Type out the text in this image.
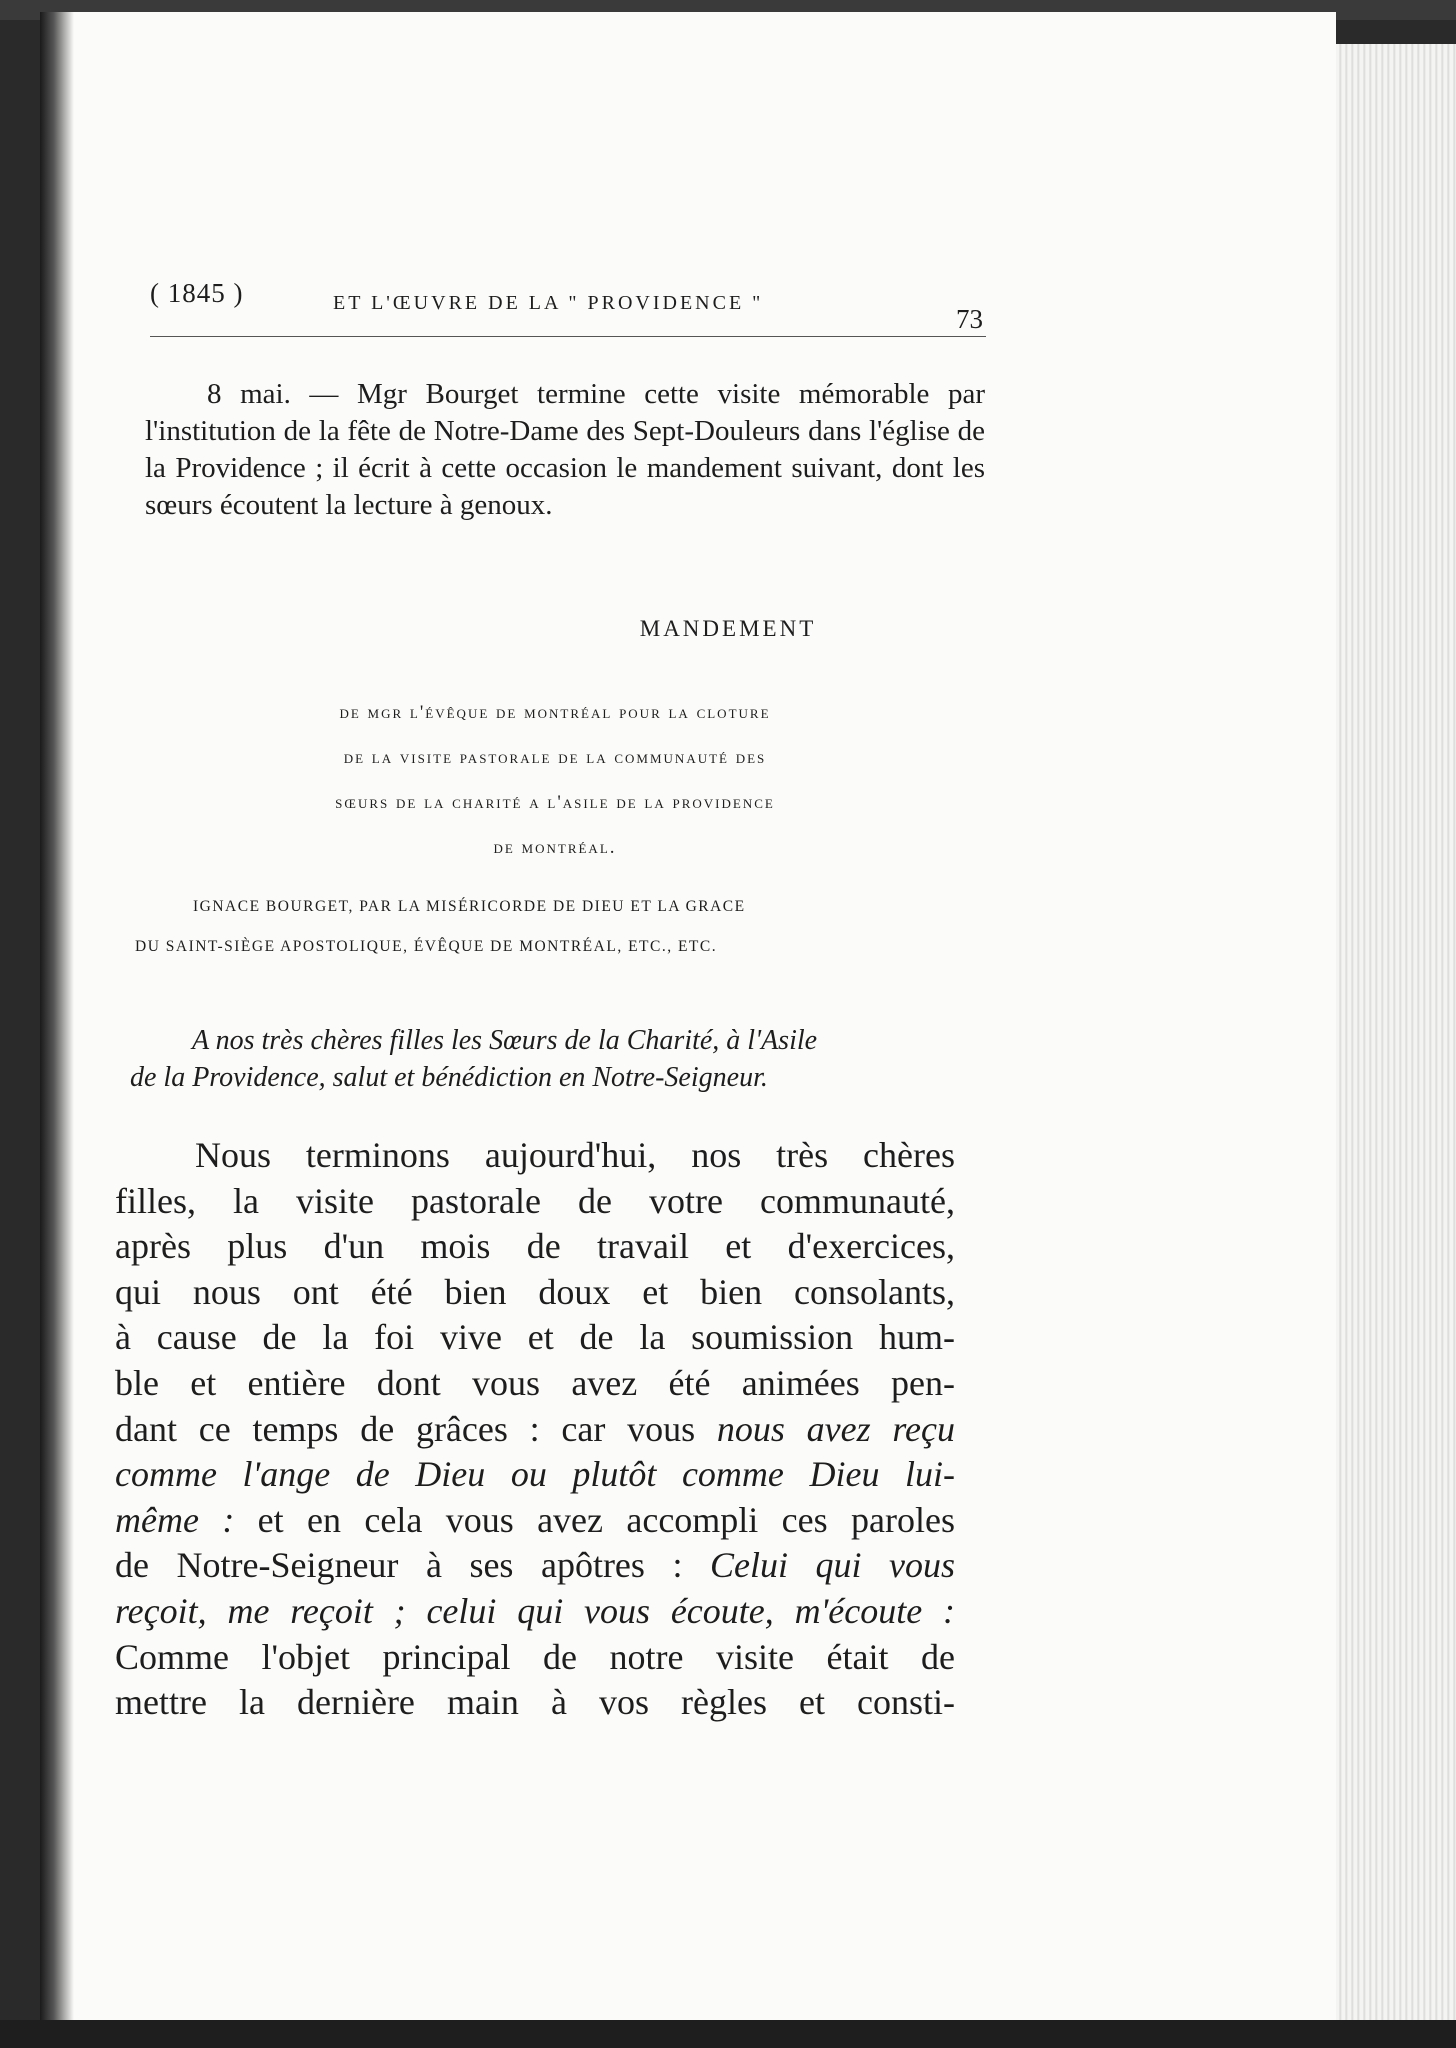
( 1845 )	ET L'ŒUVRE DE LA " PROVIDENCE "
73

8 mai. — Mgr Bourget termine cette visite mémorable par l'institution de la fête de Notre-Dame des Sept-Douleurs dans l'église de la Providence ; il écrit à cette occasion le mandement suivant, dont les sœurs écoutent la lecture à genoux.

MANDEMENT
de mgr l'évêque de montréal pour la cloture
de la visite pastorale de la communauté des
sœurs de la charité a l'asile de la providence
de montréal.
IGNACE BOURGET, PAR LA MISÉRICORDE DE DIEU ET LA GRACE
DU SAINT-SIÈGE APOSTOLIQUE, ÉVÊQUE DE MONTRÉAL, ETC., ETC.
A nos très chères filles les Sœurs de la Charité, à l'Asile
de la Providence, salut et bénédiction en Notre-Seigneur.
Nous terminons aujourd'hui, nos très chères
filles, la visite pastorale de votre communauté,
après plus d'un mois de travail et d'exercices,
qui nous ont été bien doux et bien consolants,
à cause de la foi vive et de la soumission hum-
ble et entière dont vous avez été animées pen-
dant ce temps de grâces : car vous nous avez reçu
comme l'ange de Dieu ou plutôt comme Dieu lui-
même : et en cela vous avez accompli ces paroles
de Notre-Seigneur à ses apôtres : Celui qui vous
reçoit, me reçoit ; celui qui vous écoute, m'écoute :
Comme l'objet principal de notre visite était de
mettre la dernière main à vos règles et consti-
